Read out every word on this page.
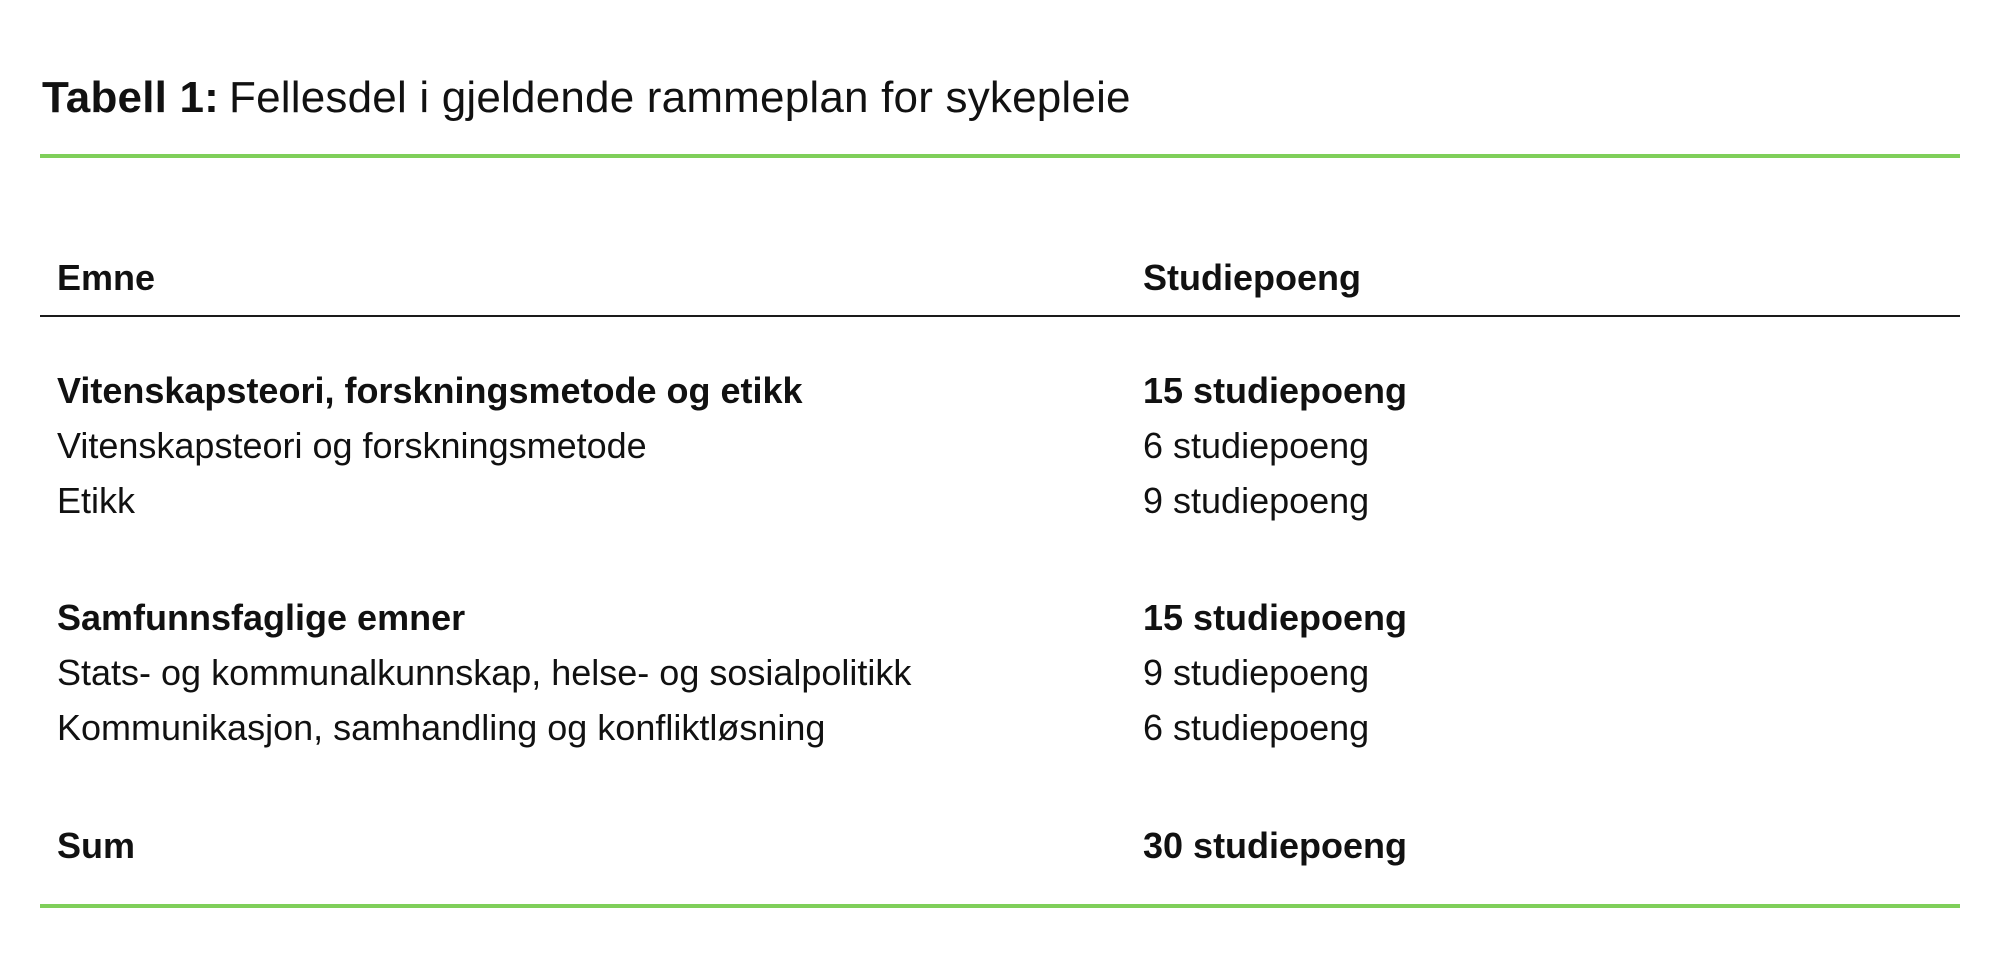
Tabell 1: Fellesdel i gjeldende rammeplan for sykepleie
Emne	Studiepoeng
Vitenskapsteori, forskningsmetode og etikk	15 studiepoeng
Vitenskapsteori og forskningsmetode	6 studiepoeng
Etikk	9 studiepoeng
Samfunnsfaglige emner	15 studiepoeng
Stats- og kommunalkunnskap, helse- og sosialpolitikk	9 studiepoeng
Kommunikasjon, samhandling og konfliktløsning	6 studiepoeng
Sum	30 studiepoeng
